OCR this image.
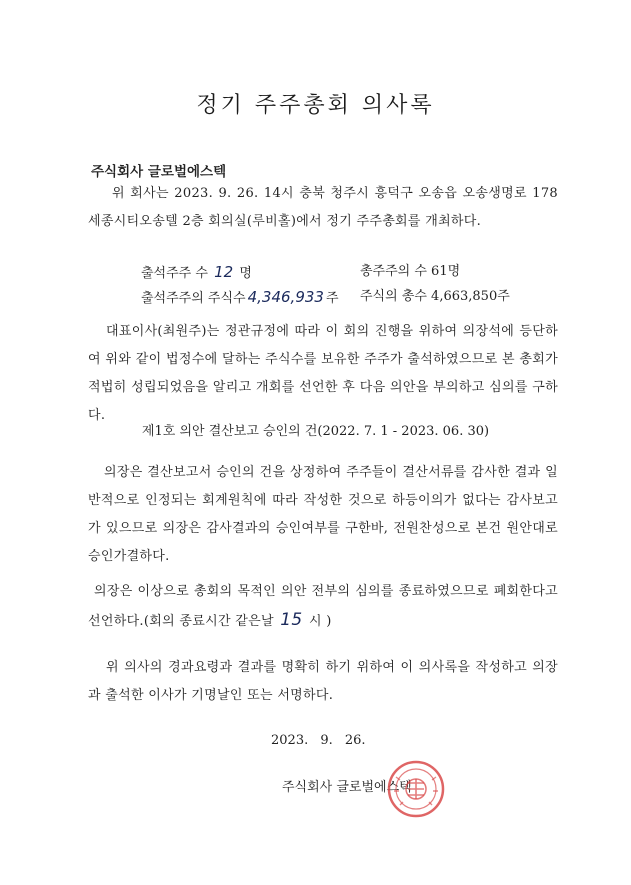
정기 주주총회 의사록
주식회사 글로벌에스텍
위 회사는 2023. 9. 26. 14시 충북 청주시 흥덕구 오송읍 오송생명로 178 세종시티오송텔 2층 회의실(루비홀)에서 정기 주주총회를 개최하다.
출석주주 수 12 명	총주주의 수 61명
출석주주의 주식수 4,346,933 주 주식의 총수 4,663,850주
대표이사(최원주)는 정관규정에 따라 이 회의 진행을 위하여 의장석에 등단하여 위와 같이 법정수에 달하는 주식수를 보유한 주주가 출석하였으므로 본 총회가 적법히 성립되었음을 알리고 개회를 선언한 후 다음 의안을 부의하고 심의를 구하다.
제1호 의안 결산보고 승인의 건(2022. 7. 1 - 2023. 06. 30)
의장은 결산보고서 승인의 건을 상정하여 주주들이 결산서류를 감사한 결과 일반적으로 인정되는 회계원칙에 따라 작성한 것으로 하등이의가 없다는 감사보고가 있으므로 의장은 감사결과의 승인여부를 구한바, 전원찬성으로 본건 원안대로 승인가결하다.
의장은 이상으로 총회의 목적인 의안 전부의 심의를 종료하였으므로 폐회한다고 선언하다.(회의 종료시간 같은날 15 시 )
위 의사의 경과요령과 결과를 명확히 하기 위하여 이 의사록을 작성하고 의장과 출석한 이사가 기명날인 또는 서명하다.
2023. 9. 26.
주식회사 글로벌에스텍
